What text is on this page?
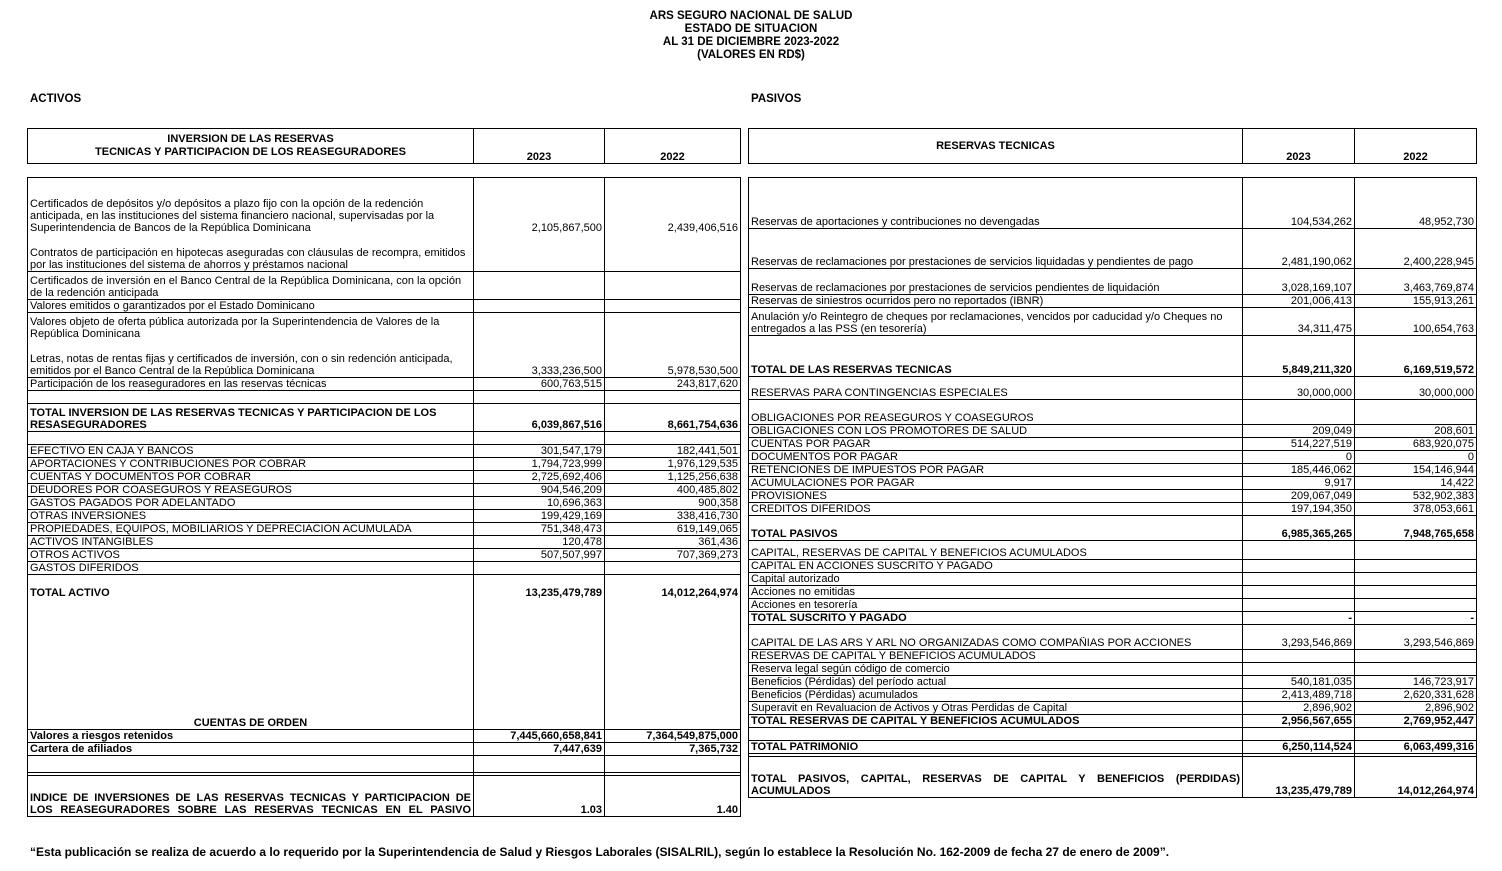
ARS SEGURO NACIONAL DE SALUD
ESTADO DE SITUACION
AL 31 DE DICIEMBRE 2023-2022
(VALORES EN RD$)
ACTIVOS	PASIVOS
INVERSION DE LAS RESERVAS
TECNICAS Y PARTICIPACION DE LOS REASEGURADORES	2023	2022
RESERVAS TECNICAS	2023	2022

Certificados de depósitos y/o depósitos a plazo fijo con la opción de la redención anticipada, en las instituciones del sistema financiero nacional, supervisadas por la Superintendencia de Bancos de la República Dominicana	2,105,867,500	2,439,406,516

Contratos de participación en hipotecas aseguradas con cláusulas de recompra, emitidos por las instituciones del sistema de ahorros y préstamos nacional		
Certificados de inversión en el Banco Central de la República Dominicana, con la opción de la redención anticipada		
Valores emitidos o garantizados por el Estado Dominicano		
Valores objeto de oferta pública autorizada por la Superintendencia de Valores de la República Dominicana		

Letras, notas de rentas fijas y certificados de inversión, con o sin redención anticipada, emitidos por el Banco Central de la República Dominicana	3,333,236,500	5,978,530,500
Participación de los reaseguradores en las reservas técnicas	600,763,515	243,817,620

TOTAL INVERSION DE LAS RESERVAS TECNICAS Y PARTICIPACION DE LOS RESASEGURADORES	6,039,867,516	8,661,754,636

EFECTIVO EN CAJA Y BANCOS	301,547,179	182,441,501
APORTACIONES Y CONTRIBUCIONES POR COBRAR	1,794,723,999	1,976,129,535
CUENTAS Y DOCUMENTOS POR COBRAR	2,725,692,406	1,125,256,638
DEUDORES POR COASEGUROS Y REASEGUROS	904,546,209	400,485,802
GASTOS PAGADOS POR ADELANTADO	10,696,363	900,358
OTRAS INVERSIONES	199,429,169	338,416,730
PROPIEDADES, EQUIPOS, MOBILIARIOS Y DEPRECIACION ACUMULADA	751,348,473	619,149,065
ACTIVOS INTANGIBLES	120,478	361,436
OTROS ACTIVOS	507,507,997	707,369,273
GASTOS DIFERIDOS		

TOTAL ACTIVO	13,235,479,789	14,012,264,974

CUENTAS DE ORDEN		
Valores a riesgos retenidos	7,445,660,658,841	7,364,549,875,000
Cartera de afiliados	7,447,639	7,365,732

INDICE DE INVERSIONES DE LAS RESERVAS TECNICAS Y PARTICIPACION DE LOS REASEGURADORES SOBRE LAS RESERVAS TECNICAS EN EL PASIVO	1.03	1.40

Reservas de aportaciones y contribuciones no devengadas	104,534,262	48,952,730

Reservas de reclamaciones por prestaciones de servicios liquidadas y pendientes de pago	2,481,190,062	2,400,228,945

Reservas de reclamaciones por prestaciones de servicios pendientes de liquidación	3,028,169,107	3,463,769,874
Reservas de siniestros ocurridos pero no reportados (IBNR)	201,006,413	155,913,261
Anulación y/o Reintegro de cheques por reclamaciones, vencidos por caducidad y/o Cheques no entregados a las PSS (en tesorería)	34,311,475	100,654,763
TOTAL DE LAS RESERVAS TECNICAS	5,849,211,320	6,169,519,572

RESERVAS PARA CONTINGENCIAS ESPECIALES	30,000,000	30,000,000

OBLIGACIONES POR REASEGUROS Y COASEGUROS		
OBLIGACIONES CON LOS PROMOTORES DE SALUD	209,049	208,601
CUENTAS POR PAGAR	514,227,519	683,920,075
DOCUMENTOS POR PAGAR	0	0
RETENCIONES DE IMPUESTOS POR PAGAR	185,446,062	154,146,944
ACUMULACIONES POR PAGAR	9,917	14,422
PROVISIONES	209,067,049	532,902,383
CREDITOS DIFERIDOS	197,194,350	378,053,661

TOTAL PASIVOS	6,985,365,265	7,948,765,658

CAPITAL, RESERVAS DE CAPITAL Y BENEFICIOS ACUMULADOS		
CAPITAL EN ACCIONES SUSCRITO Y PAGADO		
Capital autorizado		
Acciones no emitidas		
Acciones en tesorería		
TOTAL SUSCRITO Y PAGADO	-	-

CAPITAL DE LAS ARS Y ARL NO ORGANIZADAS COMO COMPAÑIAS POR ACCIONES	3,293,546,869	3,293,546,869
RESERVAS DE CAPITAL Y BENEFICIOS ACUMULADOS		
Reserva legal según código de comercio		
Beneficios (Pérdidas) del período actual	540,181,035	146,723,917
Beneficios (Pérdidas) acumulados	2,413,489,718	2,620,331,628
Superavit en Revaluacion de Activos y Otras Perdidas de Capital	2,896,902	2,896,902
TOTAL RESERVAS DE CAPITAL Y BENEFICIOS ACUMULADOS	2,956,567,655	2,769,952,447

TOTAL PATRIMONIO	6,250,114,524	6,063,499,316

TOTAL PASIVOS, CAPITAL, RESERVAS DE CAPITAL Y BENEFICIOS (PERDIDAS) ACUMULADOS	13,235,479,789	14,012,264,974
“Esta publicación se realiza de acuerdo a lo requerido por la Superintendencia de Salud y Riesgos Laborales (SISALRIL), según lo establece la Resolución No. 162-2009 de fecha 27 de enero de 2009”.
